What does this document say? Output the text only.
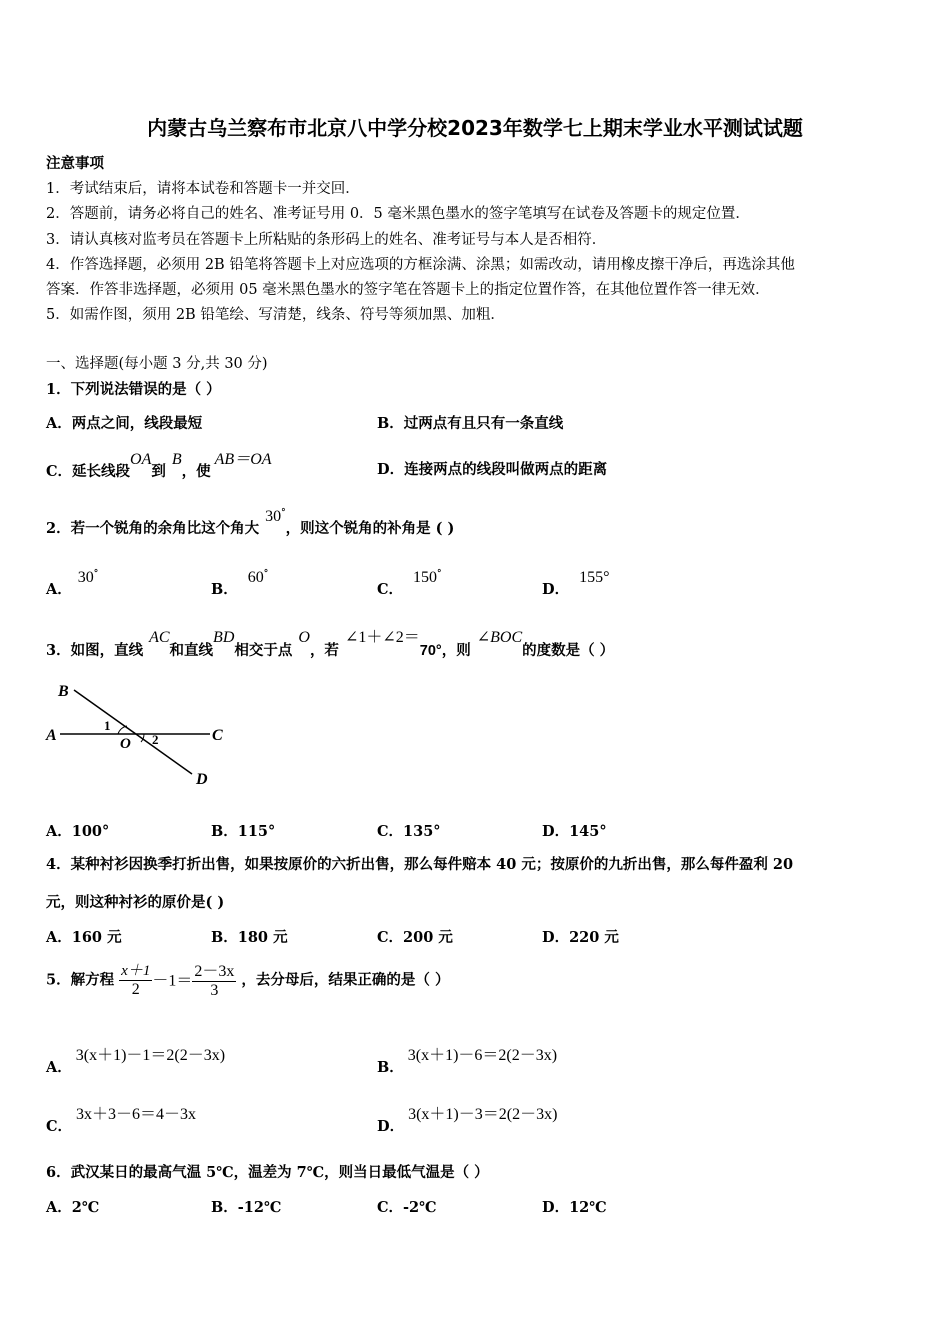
内蒙古乌兰察布市北京八中学分校2023年数学七上期末学业水平测试试题
注意事项
1．考试结束后，请将本试卷和答题卡一并交回．
2．答题前，请务必将自己的姓名、准考证号用 0．5 毫米黑色墨水的签字笔填写在试卷及答题卡的规定位置．
3．请认真核对监考员在答题卡上所粘贴的条形码上的姓名、准考证号与本人是否相符．
4．作答选择题，必须用 2B 铅笔将答题卡上对应选项的方框涂满、涂黑；如需改动，请用橡皮擦干净后，再选涂其他
答案．作答非选择题，必须用 05 毫米黑色墨水的签字笔在答题卡上的指定位置作答，在其他位置作答一律无效．
5．如需作图，须用 2B 铅笔绘、写清楚，线条、符号等须加黑、加粗．
一、选择题(每小题 3 分,共 30 分)
1．下列说法错误的是（ ）
A．两点之间，线段最短	B．过两点有且只有一条直线
C．延长线段OA到B，使AB＝OA
D．连接两点的线段叫做两点的距离
2．若一个锐角的余角比这个角大30°，则这个锐角的补角是 ( )
A．30°
B．60°
C．150°
D．155°
3．如图，直线AC和直线BD相交于点O，若∠1＋∠2＝70°，则∠BOC的度数是（ ）
B
A	C
O
D
1
2
A．100°	B．115°	C．135°	D．145°
4．某种衬衫因换季打折出售，如果按原价的六折出售，那么每件赔本 40 元；按原价的九折出售，那么每件盈利 20
元，则这种衬衫的原价是( )
A．160 元	B．180 元	C．200 元	D．220 元
5．解方程 $\frac{x+1}{2} -1= \frac{2-3x}{3}$ ，去分母后，结果正确的是（ ）
A．3(x＋1)－1＝2(2－3x)
B．3(x＋1)－6＝2(2－3x)
C．3x＋3－6＝4－3x
D．3(x＋1)－3＝2(2－3x)
6．武汉某日的最高气温 5℃，温差为 7℃，则当日最低气温是（ ）
A．2℃	B．-12℃	C．-2℃	D．12℃
